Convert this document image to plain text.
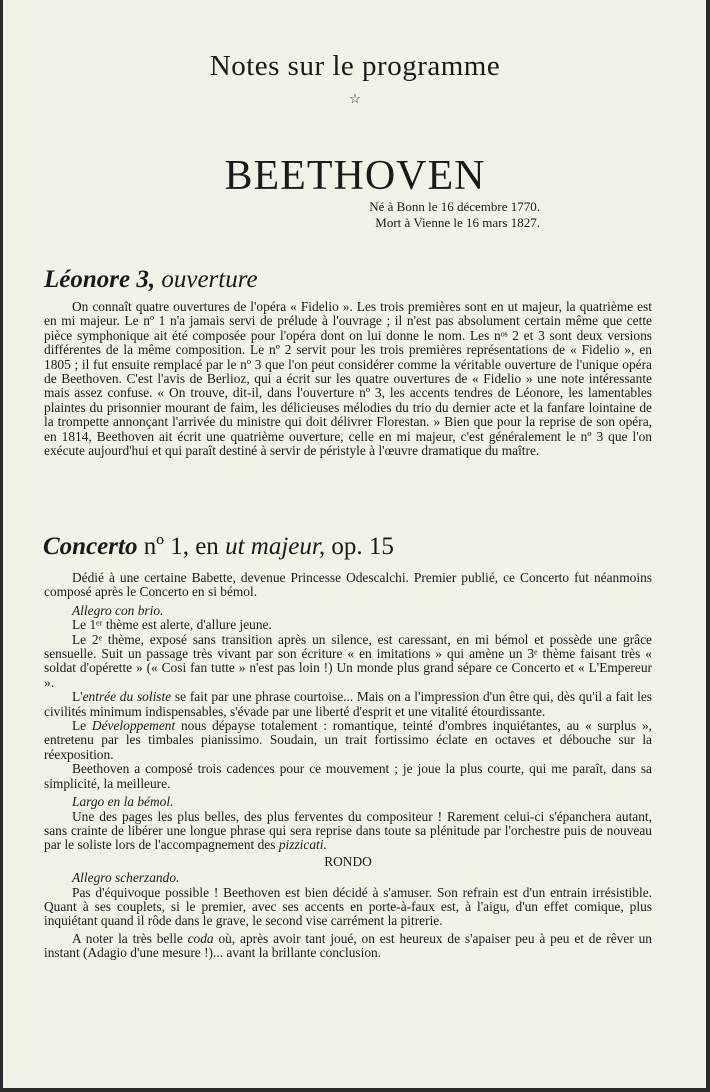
Notes sur le programme
☆
BEETHOVEN
Né à Bonn le 16 décembre 1770.
Mort à Vienne le 16 mars 1827.
Léonore 3, ouverture

On connaît quatre ouvertures de l'opéra « Fidelio ». Les trois premières sont en ut majeur, la quatrième est en mi majeur. Le nº 1 n'a jamais servi de prélude à l'ouvrage ; il n'est pas absolument certain même que cette pièce symphonique ait été composée pour l'opéra dont on lui donne le nom. Les nᵒˢ 2 et 3 sont deux versions différentes de la même composition. Le nº 2 servit pour les trois premières représentations de « Fidelio », en 1805 ; il fut ensuite remplacé par le nº 3 que l'on peut considérer comme la véritable ouverture de l'unique opéra de Beethoven. C'est l'avis de Berlioz, qui a écrit sur les quatre ouvertures de « Fidelio » une note intéressante mais assez confuse. « On trouve, dit-il, dans l'ouverture nº 3, les accents tendres de Léonore, les lamentables plaintes du prisonnier mourant de faim, les délicieuses mélodies du trio du dernier acte et la fanfare lointaine de la trompette annonçant l'arrivée du ministre qui doit délivrer Florestan. » Bien que pour la reprise de son opéra, en 1814, Beethoven ait écrit une quatrième ouverture, celle en mi majeur, c'est généralement le nº 3 que l'on exécute aujourd'hui et qui paraît destiné à servir de péristyle à l'œuvre dramatique du maître.

Concerto nº 1, en ut majeur, op. 15

Dédié à une certaine Babette, devenue Princesse Odescalchi. Premier publié, ce Concerto fut néanmoins composé après le Concerto en si bémol.

Allegro con brio.

Le 1ᵉʳ thème est alerte, d'allure jeune.

Le 2ᵉ thème, exposé sans transition après un silence, est caressant, en mi bémol et possède une grâce sensuelle. Suit un passage très vivant par son écriture « en imitations » qui amène un 3ᵉ thème faisant très « soldat d'opérette » (« Cosi fan tutte » n'est pas loin !) Un monde plus grand sépare ce Concerto et « L'Empereur ».

L'entrée du soliste se fait par une phrase courtoise... Mais on a l'impression d'un être qui, dès qu'il a fait les civilités minimum indispensables, s'évade par une liberté d'esprit et une vitalité étourdissante.

Le Développement nous dépayse totalement : romantique, teinté d'ombres inquiétantes, au « surplus », entretenu par les timbales pianissimo. Soudain, un trait fortissimo éclate en octaves et débouche sur la réexposition.

Beethoven a composé trois cadences pour ce mouvement ; je joue la plus courte, qui me paraît, dans sa simplicité, la meilleure.

Largo en la bémol.

Une des pages les plus belles, des plus ferventes du compositeur ! Rarement celui-ci s'épanchera autant, sans crainte de libérer une longue phrase qui sera reprise dans toute sa plénitude par l'orchestre puis de nouveau par le soliste lors de l'accompagnement des pizzicati.

RONDO

Allegro scherzando.

Pas d'équivoque possible ! Beethoven est bien décidé à s'amuser. Son refrain est d'un entrain irrésistible. Quant à ses couplets, si le premier, avec ses accents en porte-à-faux est, à l'aigu, d'un effet comique, plus inquiétant quand il rôde dans le grave, le second vise carrément la pitrerie.

A noter la très belle coda où, après avoir tant joué, on est heureux de s'apaiser peu à peu et de rêver un instant (Adagio d'une mesure !)... avant la brillante conclusion.
